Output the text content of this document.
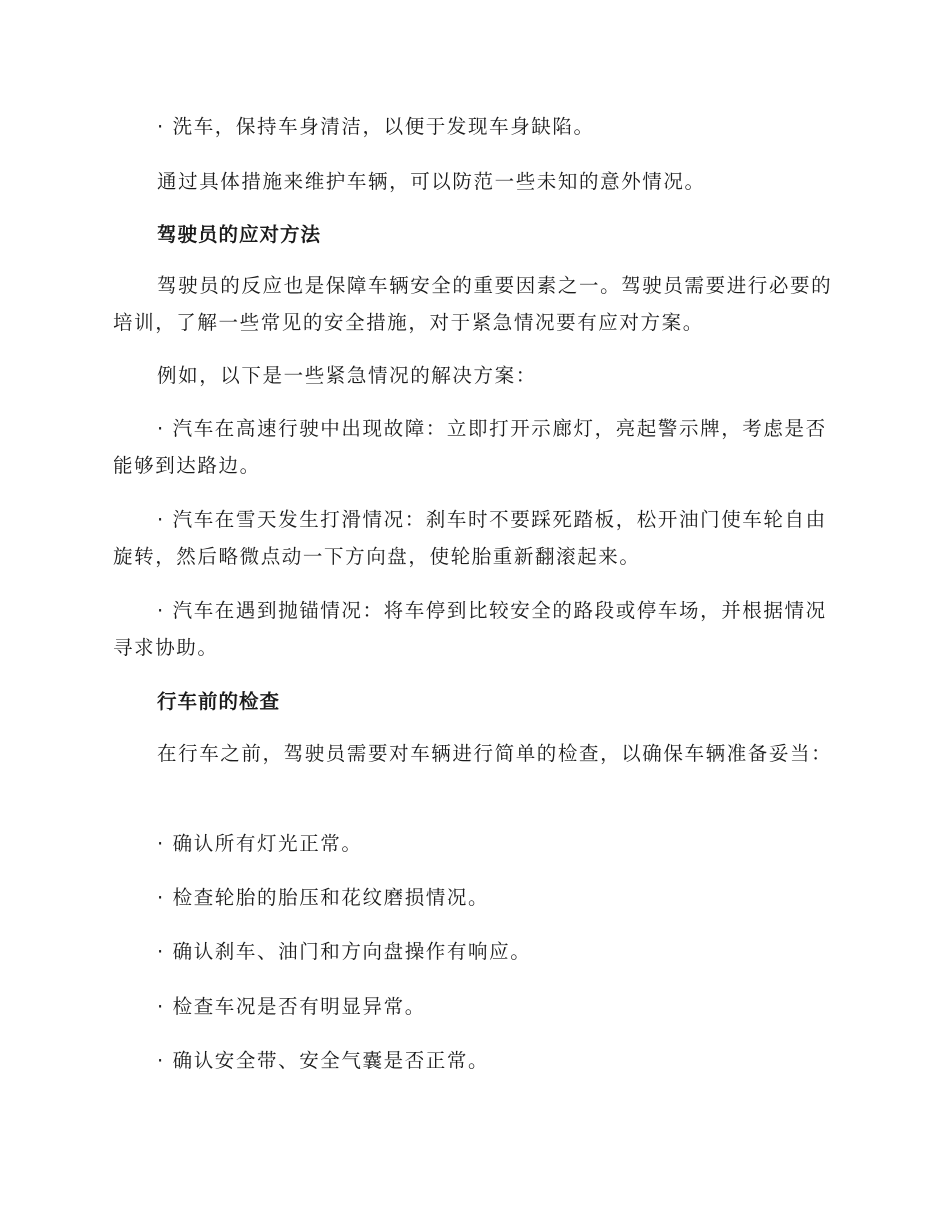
· 洗车，保持车身清洁，以便于发现车身缺陷。

通过具体措施来维护车辆，可以防范一些未知的意外情况。

驾驶员的应对方法

驾驶员的反应也是保障车辆安全的重要因素之一。驾驶员需要进行必要的培训，了解一些常见的安全措施，对于紧急情况要有应对方案。

例如，以下是一些紧急情况的解决方案：

· 汽车在高速行驶中出现故障：立即打开示廊灯，亮起警示牌，考虑是否能够到达路边。

· 汽车在雪天发生打滑情况：刹车时不要踩死踏板，松开油门使车轮自由旋转，然后略微点动一下方向盘，使轮胎重新翻滚起来。

· 汽车在遇到抛锚情况：将车停到比较安全的路段或停车场，并根据情况寻求协助。

行车前的检查

在行车之前，驾驶员需要对车辆进行简单的检查，以确保车辆准备妥当：

· 确认所有灯光正常。

· 检查轮胎的胎压和花纹磨损情况。

· 确认刹车、油门和方向盘操作有响应。

· 检查车况是否有明显异常。

· 确认安全带、安全气囊是否正常。
